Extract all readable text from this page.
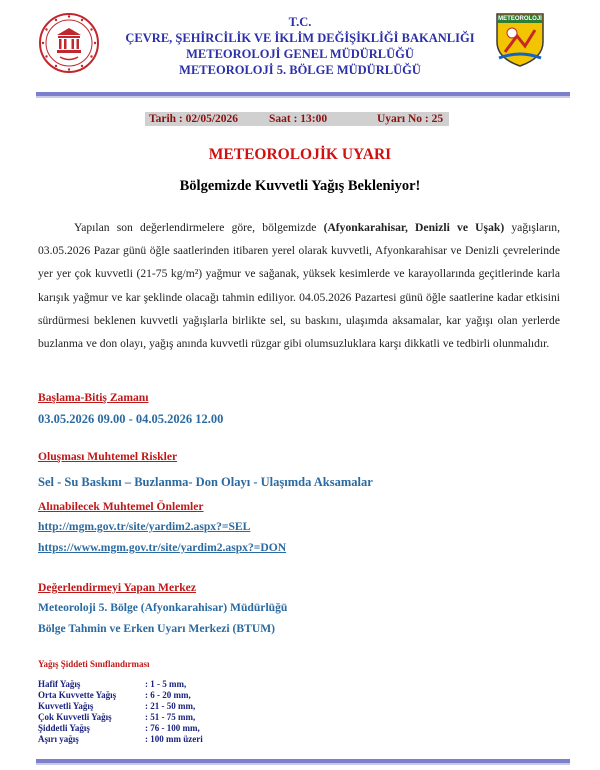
T.C.
ÇEVRE, ŞEHİRCİLİK VE İKLİM DEĞİŞİKLİĞİ BAKANLIĞI
METEOROLOJİ GENEL MÜDÜRLÜĞÜ
METEOROLOJİ 5. BÖLGE MÜDÜRLÜĞÜ
METEOROLOJİ
Tarih : 02/05/2026	Saat : 13:00	Uyarı No : 25
METEOROLOJİK UYARI
Bölgemizde Kuvvetli Yağış Bekleniyor!
Yapılan son değerlendirmelere göre, bölgemizde (Afyonkarahisar, Denizli ve Uşak) yağışların, 03.05.2026 Pazar günü öğle saatlerinden itibaren yerel olarak kuvvetli, Afyonkarahisar ve Denizli çevrelerinde yer yer çok kuvvetli (21-75 kg/m²) yağmur ve sağanak, yüksek kesimlerde ve karayollarında geçitlerinde karla karışık yağmur ve kar şeklinde olacağı tahmin ediliyor. 04.05.2026 Pazartesi günü öğle saatlerine kadar etkisini sürdürmesi beklenen kuvvetli yağışlarla birlikte sel, su baskını, ulaşımda aksamalar, kar yağışı olan yerlerde buzlanma ve don olayı, yağış anında kuvvetli rüzgar gibi olumsuzluklara karşı dikkatli ve tedbirli olunmalıdır.
Başlama-Bitiş Zamanı
03.05.2026 09.00 - 04.05.2026 12.00
Oluşması Muhtemel Riskler
Sel - Su Baskını – Buzlanma- Don Olayı - Ulaşımda Aksamalar
Alınabilecek Muhtemel Önlemler
http://mgm.gov.tr/site/yardim2.aspx?=SEL
https://www.mgm.gov.tr/site/yardim2.aspx?=DON
Değerlendirmeyi Yapan Merkez
Meteoroloji 5. Bölge (Afyonkarahisar) Müdürlüğü
Bölge Tahmin ve Erken Uyarı Merkezi (BTUM)
Yağış Şiddeti Sınıflandırması
Hafif Yağış	: 1 - 5 mm,
Orta Kuvvette Yağış	: 6 - 20 mm,
Kuvvetli Yağış	: 21 - 50 mm,
Çok Kuvvetli Yağış	: 51 - 75 mm,
Şiddetli Yağış	: 76 - 100 mm,
Aşırı yağış	: 100 mm üzeri
